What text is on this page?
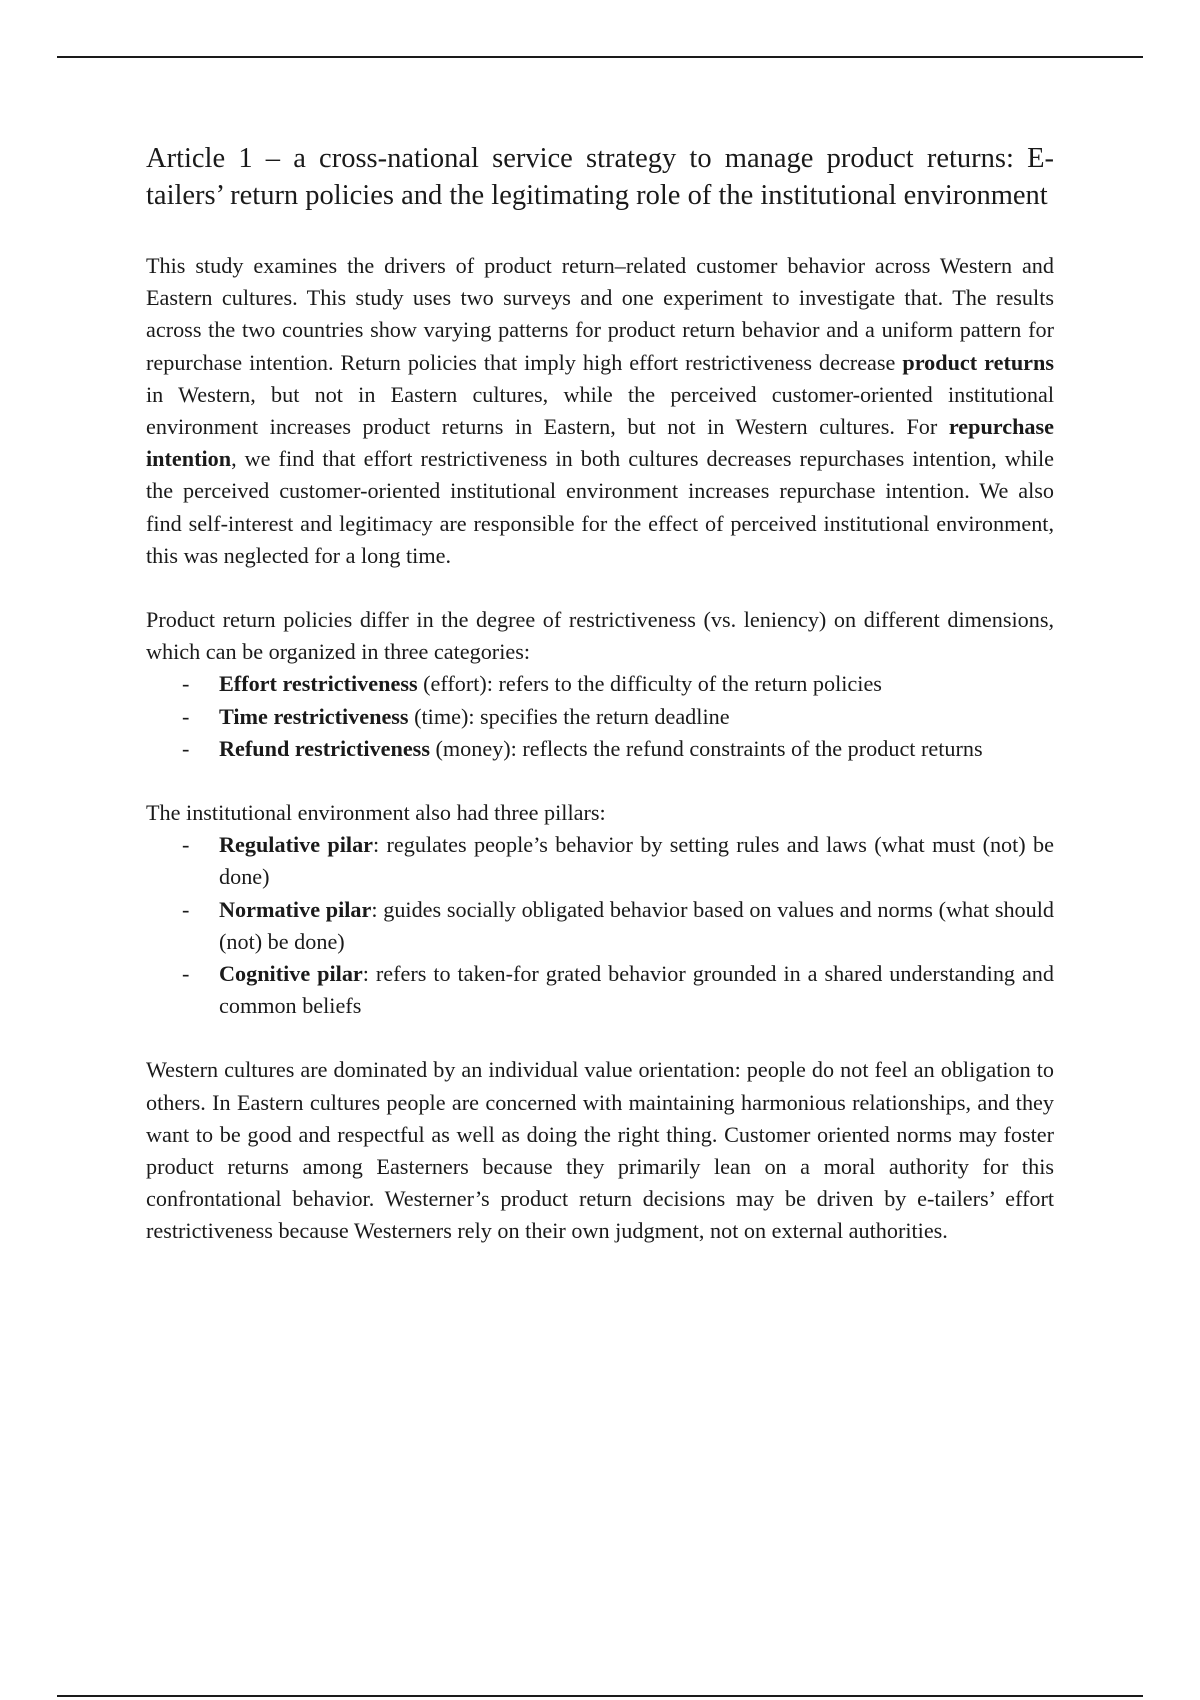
Article 1 – a cross-national service strategy to manage product returns: E-tailers’ return policies and the legitimating role of the institutional environment

This study examines the drivers of product return–related customer behavior across Western and Eastern cultures. This study uses two surveys and one experiment to investigate that. The results across the two countries show varying patterns for product return behavior and a uniform pattern for repurchase intention. Return policies that imply high effort restrictiveness decrease product returns in Western, but not in Eastern cultures, while the perceived customer-oriented institutional environment increases product returns in Eastern, but not in Western cultures. For repurchase intention, we find that effort restrictiveness in both cultures decreases repurchases intention, while the perceived customer-oriented institutional environment increases repurchase intention. We also find self-interest and legitimacy are responsible for the effect of perceived institutional environment, this was neglected for a long time.

Product return policies differ in the degree of restrictiveness (vs. leniency) on different dimensions, which can be organized in three categories:

- Effort restrictiveness (effort): refers to the difficulty of the return policies
- Time restrictiveness (time): specifies the return deadline
- Refund restrictiveness (money): reflects the refund constraints of the product returns

The institutional environment also had three pillars:

- Regulative pilar: regulates people’s behavior by setting rules and laws (what must (not) be done)
- Normative pilar: guides socially obligated behavior based on values and norms (what should (not) be done)
- Cognitive pilar: refers to taken-for grated behavior grounded in a shared understanding and common beliefs

Western cultures are dominated by an individual value orientation: people do not feel an obligation to others. In Eastern cultures people are concerned with maintaining harmonious relationships, and they want to be good and respectful as well as doing the right thing. Customer oriented norms may foster product returns among Easterners because they primarily lean on a moral authority for this confrontational behavior. Westerner’s product return decisions may be driven by e-tailers’ effort restrictiveness because Westerners rely on their own judgment, not on external authorities.
